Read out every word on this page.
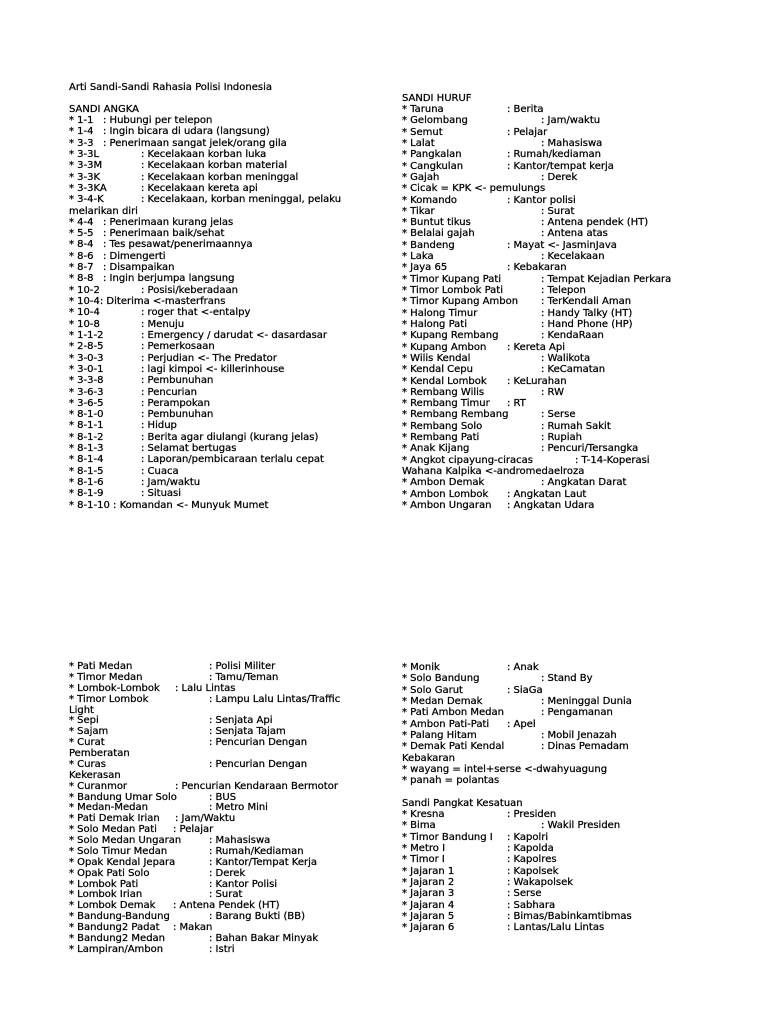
Arti Sandi-Sandi Rahasia Polisi Indonesia
SANDI ANGKA
* 1-1 : Hubungi per telepon
* 1-4 : Ingin bicara di udara (langsung)
* 3-3 : Penerimaan sangat jelek/orang gila
* 3-3L	: Kecelakaan korban luka
* 3-3M	: Kecelakaan korban material
* 3-3K	: Kecelakaan korban meninggal
* 3-3KA	: Kecelakaan kereta api
* 3-4-K	: Kecelakaan, korban meninggal, pelaku
melarikan diri
* 4-4 : Penerimaan kurang jelas
* 5-5 : Penerimaan baik/sehat
* 8-4 : Tes pesawat/penerimaannya
* 8-6 : Dimengerti
* 8-7 : Disampaikan
* 8-8 : Ingin berjumpa langsung
* 10-2	: Posisi/keberadaan
* 10-4: Diterima <-masterfrans
* 10-4	: roger that <-entalpy
* 10-8	: Menuju
* 1-1-2	: Emergency / darudat <- dasardasar
* 2-8-5	: Pemerkosaan
* 3-0-3	: Perjudian <- The Predator
* 3-0-1	: lagi kimpoi <- killerinhouse
* 3-3-8	: Pembunuhan
* 3-6-3	: Pencurian
* 3-6-5	: Perampokan
* 8-1-0	: Pembunuhan
* 8-1-1	: Hidup
* 8-1-2	: Berita agar diulangi (kurang jelas)
* 8-1-3	: Selamat bertugas
* 8-1-4	: Laporan/pembicaraan terlalu cepat
* 8-1-5	: Cuaca
* 8-1-6	: Jam/waktu
* 8-1-9	: Situasi
* 8-1-10 : Komandan <- Munyuk Mumet
SANDI HURUF
* Taruna	: Berita
* Gelombang	: Jam/waktu
* Semut	: Pelajar
* Lalat	: Mahasiswa
* Pangkalan	: Rumah/kediaman
* Cangkulan	: Kantor/tempat kerja
* Gajah	: Derek
* Cicak = KPK <- pemulungs
* Komando	: Kantor polisi
* Tikar	: Surat
* Buntut tikus	: Antena pendek (HT)
* Belalai gajah	: Antena atas
* Bandeng	: Mayat <- JasminJava
* Laka	: Kecelakaan
* Jaya 65	: Kebakaran
* Timor Kupang Pati	: Tempat Kejadian Perkara
* Timor Lombok Pati	: Telepon
* Timor Kupang Ambon : TerKendali Aman
* Halong Timur	: Handy Talky (HT)
* Halong Pati	: Hand Phone (HP)
* Kupang Rembang	: KendaRaan
* Kupang Ambon : Kereta Api
* Wilis Kendal	: Walikota
* Kendal Cepu	: KeCamatan
* Kendal Lombok : KeLurahan
* Rembang Wilis	: RW
* Rembang Timur : RT
* Rembang Rembang	: Serse
* Rembang Solo	: Rumah Sakit
* Rembang Pati	: Rupiah
* Anak Kijang	: Pencuri/Tersangka
* Angkot cipayung-ciracas	: T-14-Koperasi
Wahana Kalpika <-andromedaelroza
* Ambon Demak	: Angkatan Darat
* Ambon Lombok : Angkatan Laut
* Ambon Ungaran : Angkatan Udara
* Pati Medan	: Polisi Militer
* Timor Medan	: Tamu/Teman
* Lombok-Lombok : Lalu Lintas
* Timor Lombok	: Lampu Lalu Lintas/Traffic
Light
* Sepi	: Senjata Api
* Sajam	: Senjata Tajam
* Curat	: Pencurian Dengan
Pemberatan
* Curas	: Pencurian Dengan
Kekerasan
* Curanmor	: Pencurian Kendaraan Bermotor
* Bandung Umar Solo	: BUS
* Medan-Medan	: Metro Mini
* Pati Demak Irian : Jam/Waktu
* Solo Medan Pati : Pelajar
* Solo Medan Ungaran	: Mahasiswa
* Solo Timur Medan	: Rumah/Kediaman
* Opak Kendal Jepara	: Kantor/Tempat Kerja
* Opak Pati Solo	: Derek
* Lombok Pati	: Kantor Polisi
* Lombok Irian	: Surat
* Lombok Demak : Antena Pendek (HT)
* Bandung-Bandung	: Barang Bukti (BB)
* Bandung2 Padat : Makan
* Bandung2 Medan	: Bahan Bakar Minyak
* Lampiran/Ambon	: Istri
* Monik	: Anak
* Solo Bandung	: Stand By
* Solo Garut	: SiaGa
* Medan Demak	: Meninggal Dunia
* Pati Ambon Medan	: Pengamanan
* Ambon Pati-Pati : Apel
* Palang Hitam	: Mobil Jenazah
* Demak Pati Kendal	: Dinas Pemadam
Kebakaran
* wayang = intel+serse <-dwahyuagung
* panah = polantas
Sandi Pangkat Kesatuan
* Kresna	: Presiden
* Bima	: Wakil Presiden
* Timor Bandung I : Kapolri
* Metro I	: Kapolda
* Timor I	: Kapolres
* Jajaran 1	: Kapolsek
* Jajaran 2	: Wakapolsek
* Jajaran 3	: Serse
* Jajaran 4	: Sabhara
* Jajaran 5	: Bimas/Babinkamtibmas
* Jajaran 6	: Lantas/Lalu Lintas
